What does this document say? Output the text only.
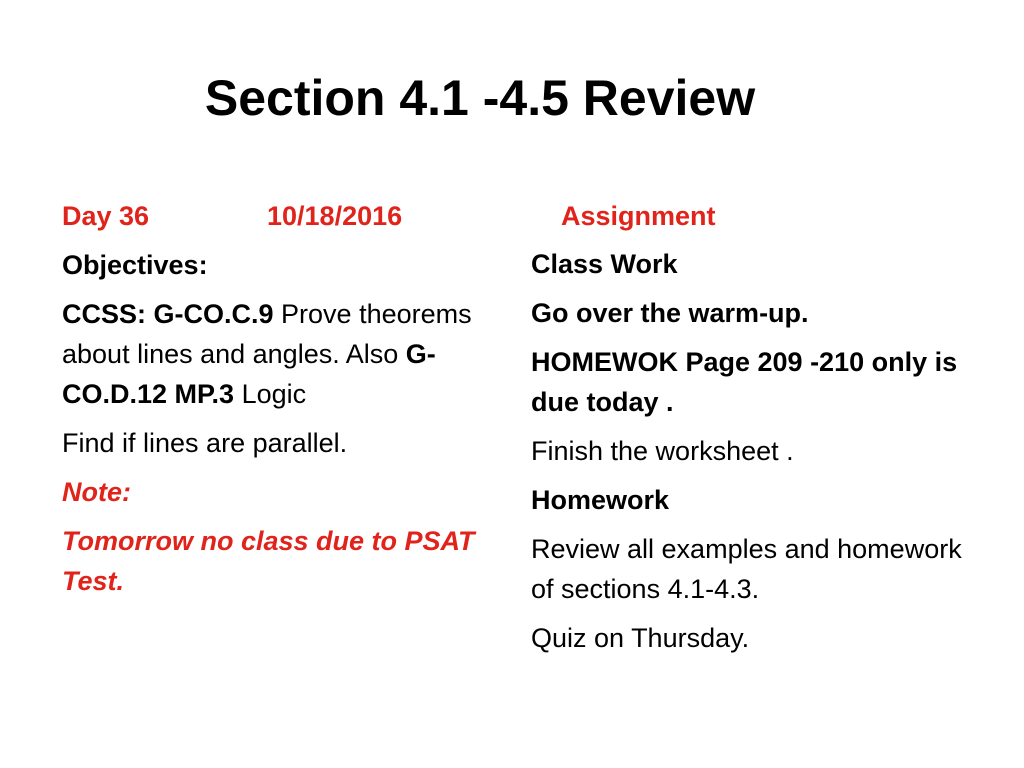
Section 4.1 -4.5 Review
Day 36	10/18/2016
Objectives:
CCSS: G-CO.C.9 Prove theorems about lines and angles. Also G-CO.D.12 MP.3 Logic
Find if lines are parallel.
Note:
Tomorrow no class due to PSAT Test.
Assignment
Class Work
Go over the warm-up.
HOMEWOK Page 209 -210 only is due today .
Finish the worksheet .
Homework
Review all examples and homework of sections 4.1-4.3.
Quiz on Thursday.
